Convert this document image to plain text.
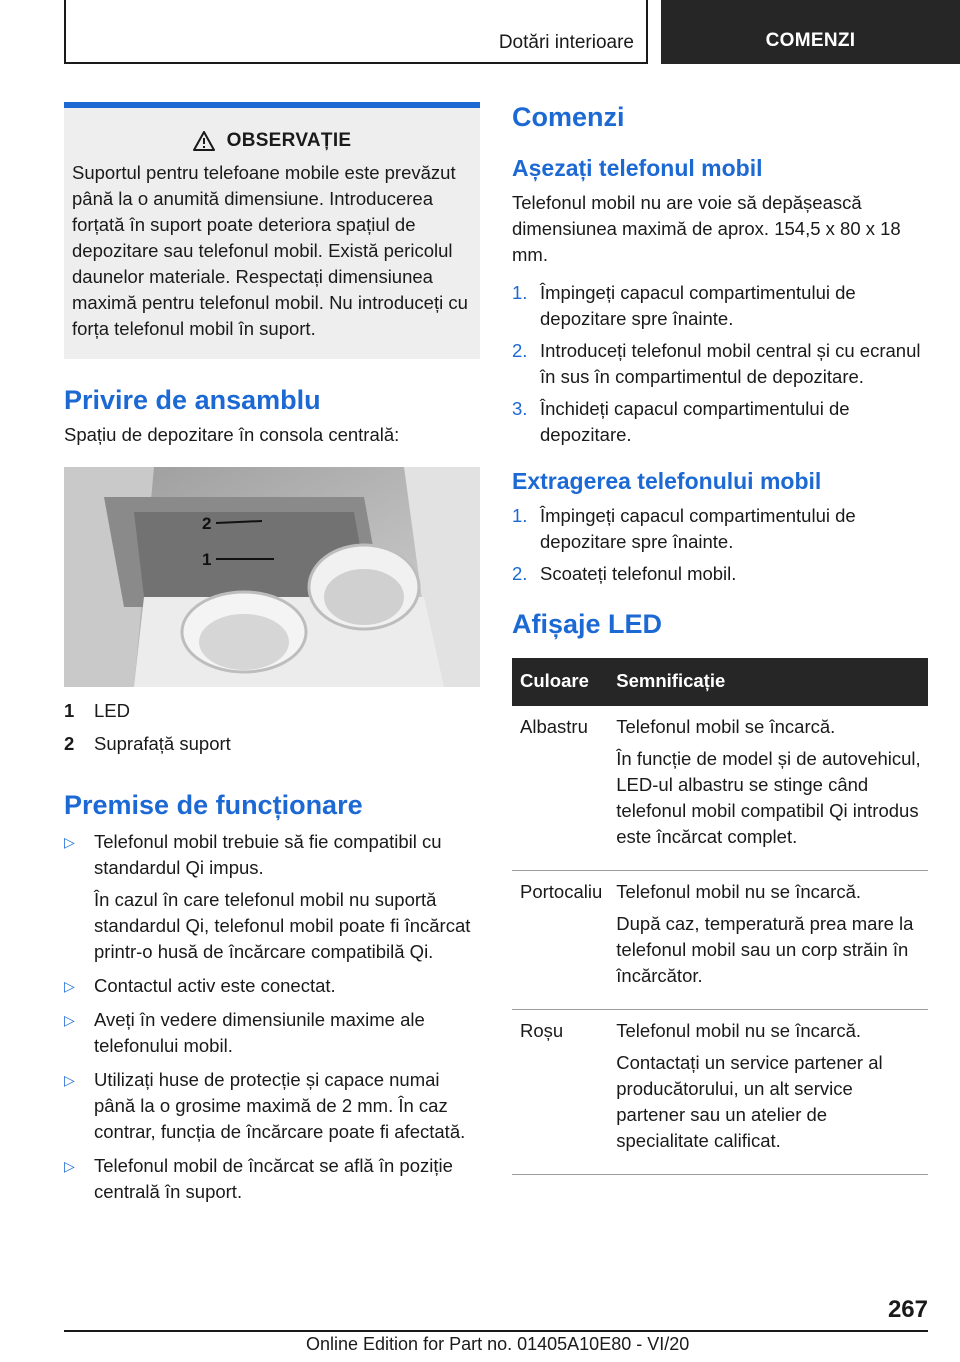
Dotări interioare	COMENZI
OBSERVAȚIE
Suportul pentru telefoane mobile este prevăzut până la o anumită dimensiune. Introducerea forțată în suport poate deteriora spațiul de depozitare sau telefonul mobil. Există pericolul daunelor materiale. Respectați dimensiunea maximă pentru telefonul mobil. Nu introduceți cu forța telefonul mobil în suport.
Privire de ansamblu

Spațiu de depozitare în consola centrală:

2
1
1	LED
2	Suprafață suport
Premise de funcționare
▷ Telefonul mobil trebuie să fie compatibil cu standardul Qi impus.

În cazul în care telefonul mobil nu suportă standardul Qi, telefonul mobil poate fi încărcat printr-o husă de încărcare compatibilă Qi.

▷ Contactul activ este conectat.

▷ Aveți în vedere dimensiunile maxime ale telefonului mobil.

▷ Utilizați huse de protecție și capace numai până la o grosime maximă de 2 mm. În caz contrar, funcția de încărcare poate fi afectată.

▷ Telefonul mobil de încărcat se află în poziție centrală în suport.

Comenzi
Așezați telefonul mobil

Telefonul mobil nu are voie să depășească dimensiunea maximă de aprox. 154,5 x 80 x 18 mm.

1. Împingeți capacul compartimentului de depozitare spre înainte.
2. Introduceți telefonul mobil central și cu ecranul în sus în compartimentul de depozitare.
3. Închideți capacul compartimentului de depozitare.
Extragerea telefonului mobil
1. Împingeți capacul compartimentului de depozitare spre înainte.
2. Scoateți telefonul mobil.
Afișaje LED
Culoare	Semnificație
Albastru	Telefonul mobil se încarcă.

În funcție de model și de autovehicul, LED-ul albastru se stinge când telefonul mobil compatibil Qi introdus este încărcat complet.

Portocaliu	Telefonul mobil nu se încarcă.

După caz, temperatură prea mare la telefonul mobil sau un corp străin în încărcător.

Roșu	Telefonul mobil nu se încarcă.

Contactați un service partener al producătorului, un alt service partener sau un atelier de specialitate calificat.

267
Online Edition for Part no. 01405A10E80 - VI/20
